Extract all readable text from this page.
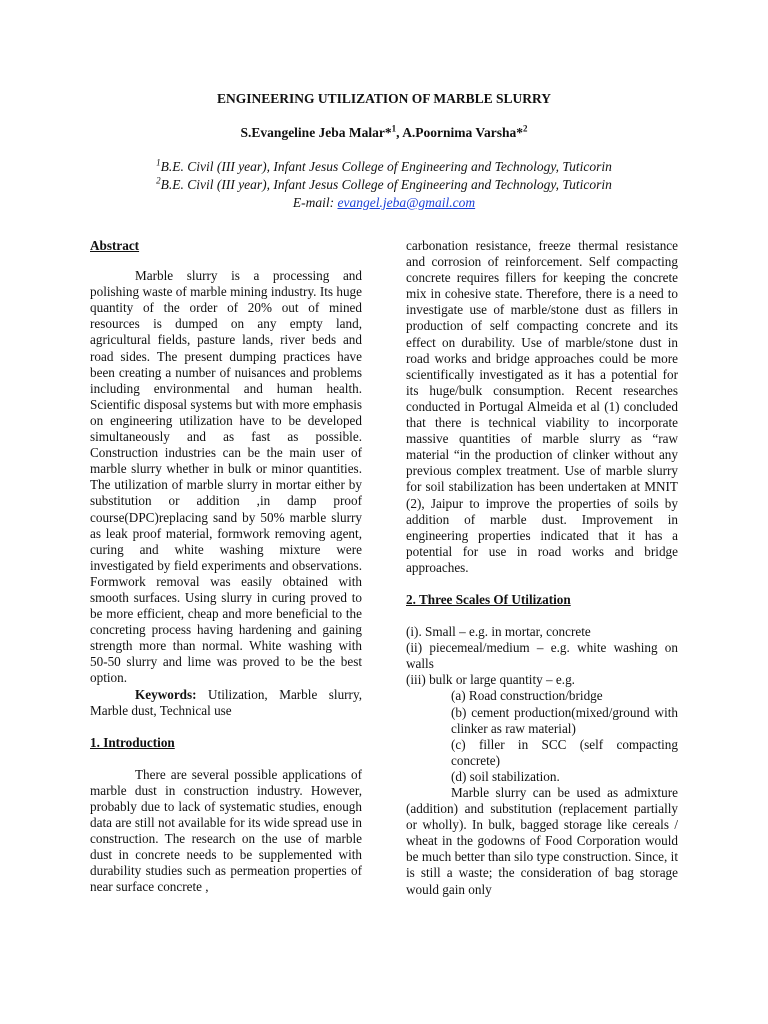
ENGINEERING UTILIZATION OF MARBLE SLURRY
S.Evangeline Jeba Malar*$^1$, A.Poornima Varsha*$^2$
$^1$B.E. Civil (III year), Infant Jesus College of Engineering and Technology, Tuticorin
$^2$B.E. Civil (III year), Infant Jesus College of Engineering and Technology, Tuticorin
E-mail: evangel.jeba@gmail.com

Abstract

Marble slurry is a processing and polishing waste of marble mining industry. Its huge quantity of the order of 20% out of mined resources is dumped on any empty land, agricultural fields, pasture lands, river beds and road sides. The present dumping practices have been creating a number of nuisances and problems including environmental and human health. Scientific disposal systems but with more emphasis on engineering utilization have to be developed simultaneously and as fast as possible. Construction industries can be the main user of marble slurry whether in bulk or minor quantities. The utilization of marble slurry in mortar either by substitution or addition ,in damp proof course(DPC)replacing sand by 50% marble slurry as leak proof material, formwork removing agent, curing and white washing mixture were investigated by field experiments and observations. Formwork removal was easily obtained with smooth surfaces. Using slurry in curing proved to be more efficient, cheap and more beneficial to the concreting process having hardening and gaining strength more than normal. White washing with 50-50 slurry and lime was proved to be the best option.

Keywords: Utilization, Marble slurry, Marble dust, Technical use

1. Introduction

There are several possible applications of marble dust in construction industry. However, probably due to lack of systematic studies, enough data are still not available for its wide spread use in construction. The research on the use of marble dust in concrete needs to be supplemented with durability studies such as permeation properties of near surface concrete ,

carbonation resistance, freeze thermal resistance and corrosion of reinforcement. Self compacting concrete requires fillers for keeping the concrete mix in cohesive state. Therefore, there is a need to investigate use of marble/stone dust as fillers in production of self compacting concrete and its effect on durability. Use of marble/stone dust in road works and bridge approaches could be more scientifically investigated as it has a potential for its huge/bulk consumption. Recent researches conducted in Portugal Almeida et al (1) concluded that there is technical viability to incorporate massive quantities of marble slurry as “raw material “in the production of clinker without any previous complex treatment. Use of marble slurry for soil stabilization has been undertaken at MNIT (2), Jaipur to improve the properties of soils by addition of marble dust. Improvement in engineering properties indicated that it has a potential for use in road works and bridge approaches.

2. Three Scales Of Utilization

(i). Small – e.g. in mortar, concrete

(ii) piecemeal/medium – e.g. white washing on walls

(iii) bulk or large quantity – e.g.

(a) Road construction/bridge

(b) cement production(mixed/ground with clinker as raw material)

(c) filler in SCC (self compacting concrete)

(d) soil stabilization.

Marble slurry can be used as admixture (addition) and substitution (replacement partially or wholly). In bulk, bagged storage like cereals / wheat in the godowns of Food Corporation would be much better than silo type construction. Since, it is still a waste; the consideration of bag storage would gain only
